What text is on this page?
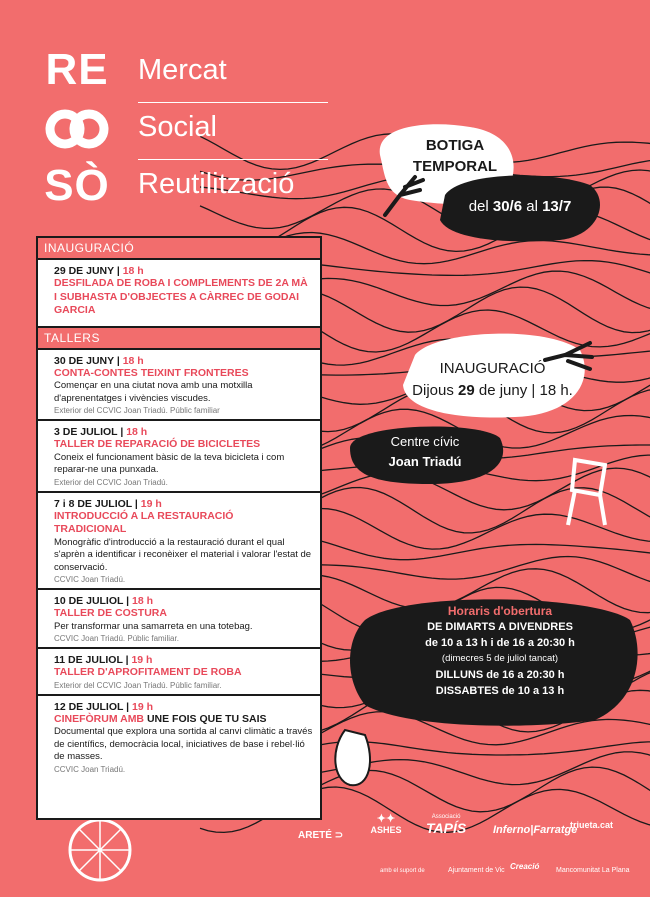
RE
SÒ
Mercat
Social
Reutilització
BOTIGA
TEMPORAL
del 30/6 al 13/7
INAUGURACIÓ
Dijous 29 de juny | 18 h.
Centre cívic
Joan Triadú
Horaris d'obertura
DE DIMARTS A DIVENDRES
de 10 a 13 h i de 16 a 20:30 h
(dimecres 5 de juliol tancat)
DILLUNS de 16 a 20:30 h
DISSABTES de 10 a 13 h
INAUGURACIÓ
29 DE JUNY | 18 h
DESFILADA DE ROBA I COMPLEMENTS DE 2A MÀ I SUBHASTA D'OBJECTES A CÀRREC DE GODAI GARCIA
TALLERS
30 DE JUNY | 18 h
CONTA-CONTES TEIXINT FRONTERES
Començar en una ciutat nova amb una motxilla d'aprenentatges i vivències viscudes.
Exterior del CCVIC Joan Triadú. Públic familiar
3 DE JULIOL | 18 h
TALLER DE REPARACIÓ DE BICICLETES
Coneix el funcionament bàsic de la teva bicicleta i com reparar-ne una punxada.
Exterior del CCVIC Joan Triadú.
7 i 8 DE JULIOL | 19 h
INTRODUCCIÓ A LA RESTAURACIÓ TRADICIONAL
Monogràfic d'introducció a la restauració durant el qual s'aprèn a identificar i reconèixer el material i valorar l'estat de conservació.
CCVIC Joan Triadú.
10 DE JULIOL | 18 h
TALLER DE COSTURA
Per transformar una samarreta en una totebag.
CCVIC Joan Triadú. Públic familiar.
11 DE JULIOL | 19 h
TALLER D'APROFITAMENT DE ROBA
Exterior del CCVIC Joan Triadú. Públic familiar.
12 DE JULIOL | 19 h
CINEFÒRUM AMB UNE FOIS QUE TU SAIS
Documental que explora una sortida al canvi climàtic a través de científics, democràcia local, iniciatives de base i rebel·lió de masses.
CCVIC Joan Triadú.
ARETÉ ⊃
✦✦
ASHES
Associació
TAPÍS Inferno|Farratge
triueta.cat
amb el suport de	Ajuntament de Vic Creació Mancomunitat La Plana
